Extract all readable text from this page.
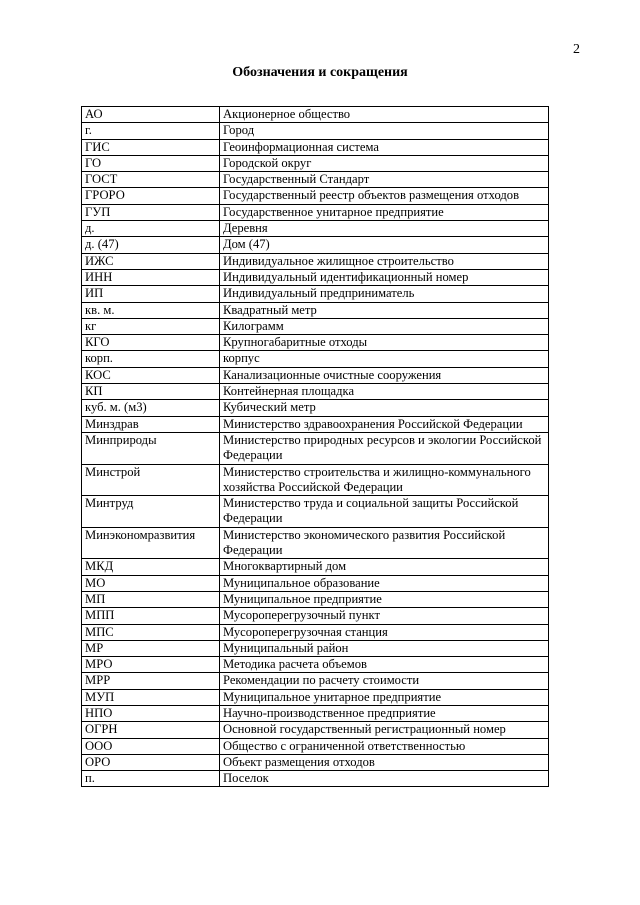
2
Обозначения и сокращения
АО	Акционерное общество
г.	Город
ГИС	Геоинформационная система
ГО	Городской округ
ГОСТ	Государственный Стандарт
ГРОРО	Государственный реестр объектов размещения отходов
ГУП	Государственное унитарное предприятие
д.	Деревня
д. (47)	Дом (47)
ИЖС	Индивидуальное жилищное строительство
ИНН	Индивидуальный идентификационный номер
ИП	Индивидуальный предприниматель
кв. м.	Квадратный метр
кг	Килограмм
КГО	Крупногабаритные отходы
корп.	корпус
КОС	Канализационные очистные сооружения
КП	Контейнерная площадка
куб. м. (м3)	Кубический метр
Минздрав	Министерство здравоохранения Российской Федерации
Минприроды	Министерство природных ресурсов и экологии Российской Федерации
Минстрой	Министерство строительства и жилищно-коммунального хозяйства Российской Федерации
Минтруд	Министерство труда и социальной защиты Российской Федерации
Минэкономразвития	Министерство экономического развития Российской Федерации
МКД	Многоквартирный дом
МО	Муниципальное образование
МП	Муниципальное предприятие
МПП	Мусороперегрузочный пункт
МПС	Мусороперегрузочная станция
МР	Муниципальный район
МРО	Методика расчета объемов
МРР	Рекомендации по расчету стоимости
МУП	Муниципальное унитарное предприятие
НПО	Научно-производственное предприятие
ОГРН	Основной государственный регистрационный номер
ООО	Общество с ограниченной ответственностью
ОРО	Объект размещения отходов
п.	Поселок
